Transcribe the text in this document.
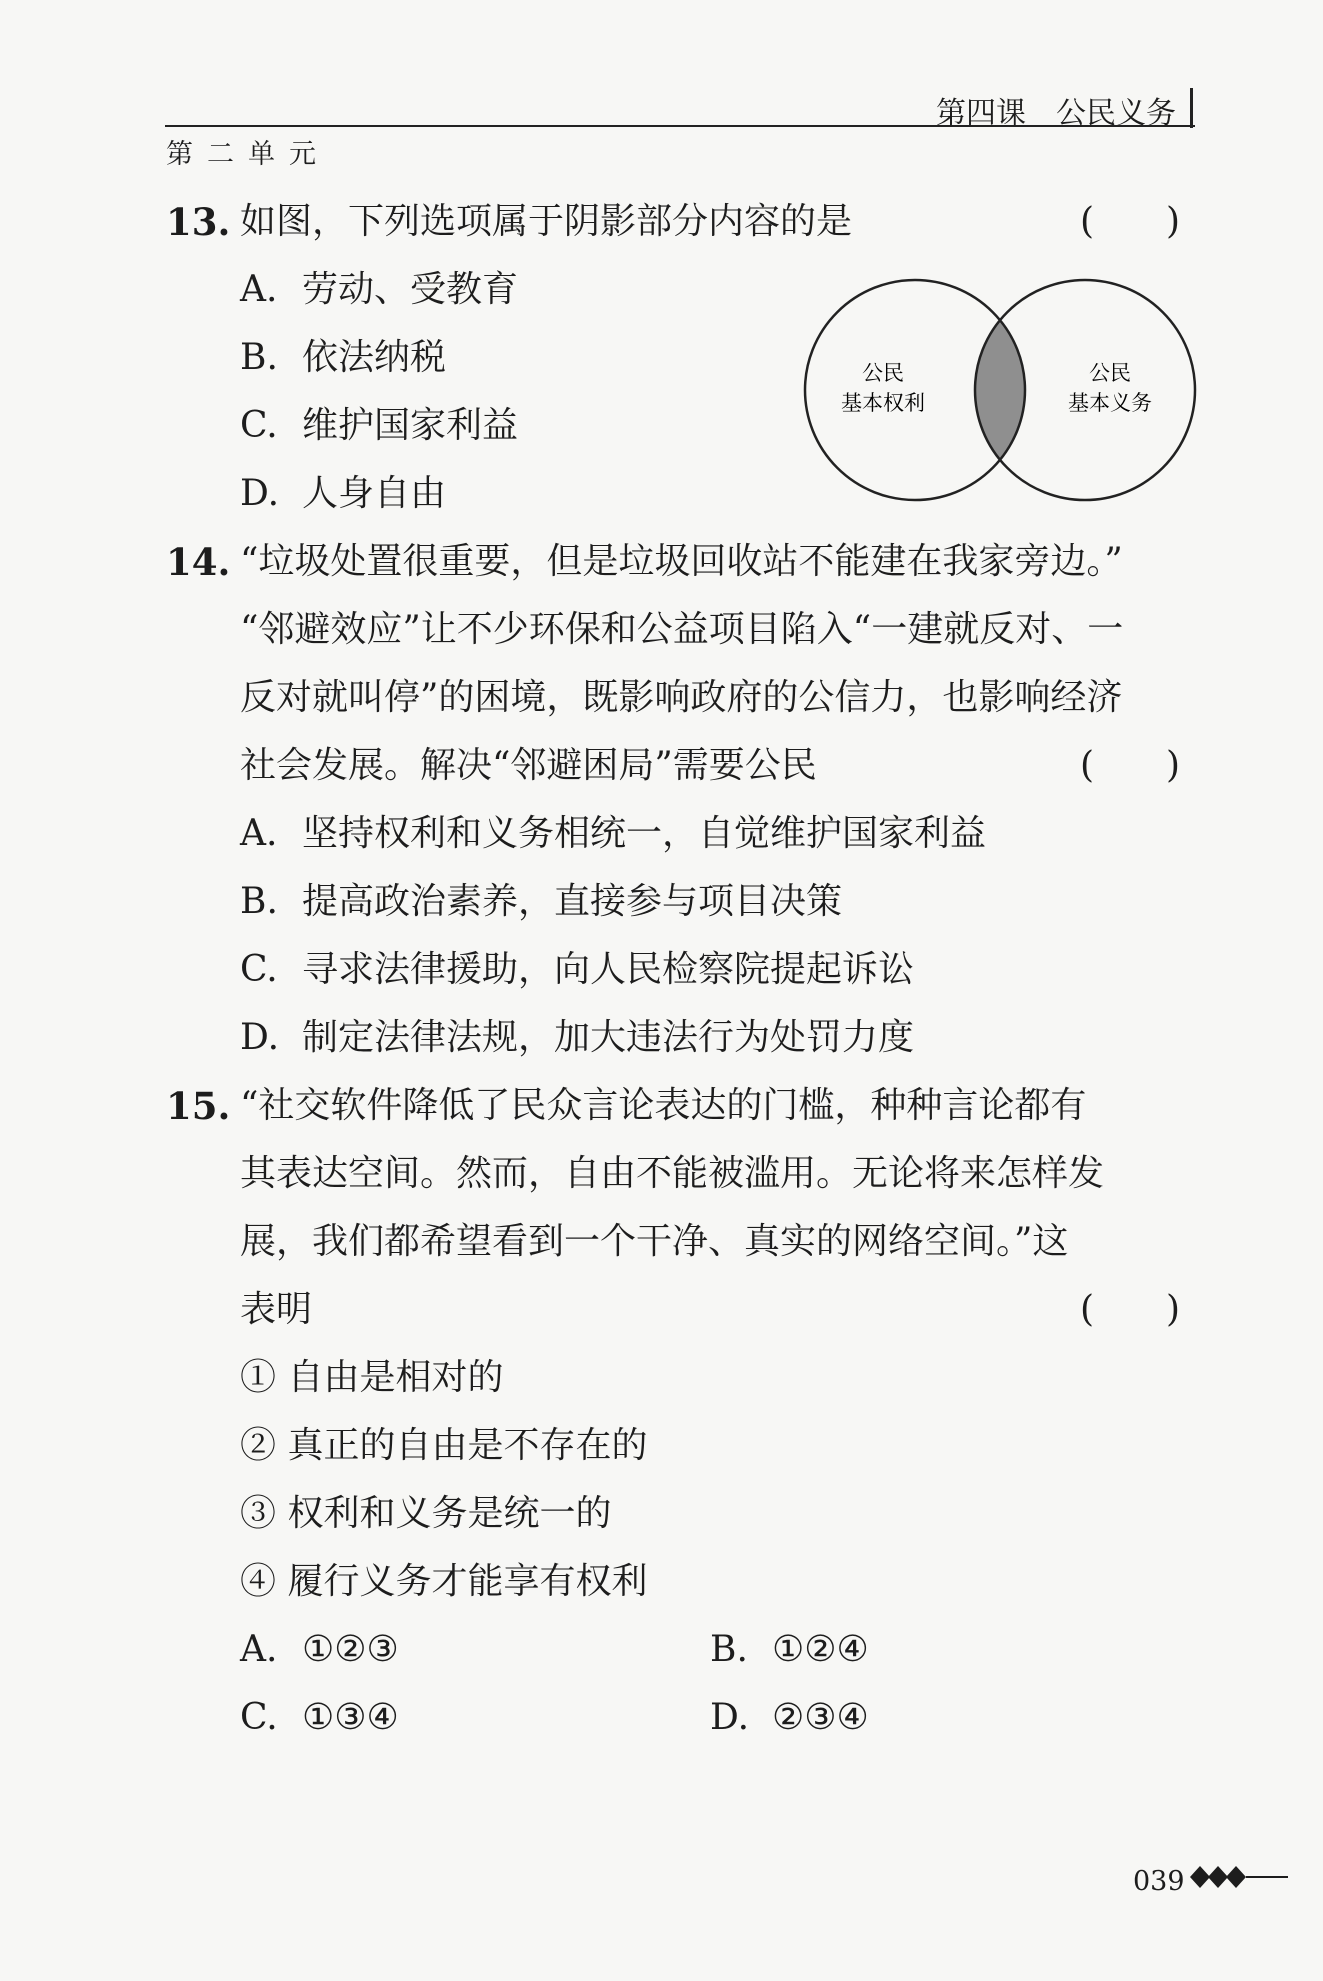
第四课 公民义务
第二单元
13. 如图，下列选项属于阴影部分内容的是	(　　)
A. 劳动、受教育
B. 依法纳税
C. 维护国家利益
D. 人身自由
公民
基本权利
公民
基本义务
14. “垃圾处置很重要，但是垃圾回收站不能建在我家旁边。”
“邻避效应”让不少环保和公益项目陷入“一建就反对、一
反对就叫停”的困境，既影响政府的公信力，也影响经济
社会发展。解决“邻避困局”需要公民	(　　)
A. 坚持权利和义务相统一，自觉维护国家利益
B. 提高政治素养，直接参与项目决策
C. 寻求法律援助，向人民检察院提起诉讼
D. 制定法律法规，加大违法行为处罚力度
15. “社交软件降低了民众言论表达的门槛，种种言论都有
其表达空间。然而，自由不能被滥用。无论将来怎样发
展，我们都希望看到一个干净、真实的网络空间。”这
表明	(　　)
① 自由是相对的
② 真正的自由是不存在的
③ 权利和义务是统一的
④ 履行义务才能享有权利
A. ①②③	B. ①②④
C. ①③④	D. ②③④
039
